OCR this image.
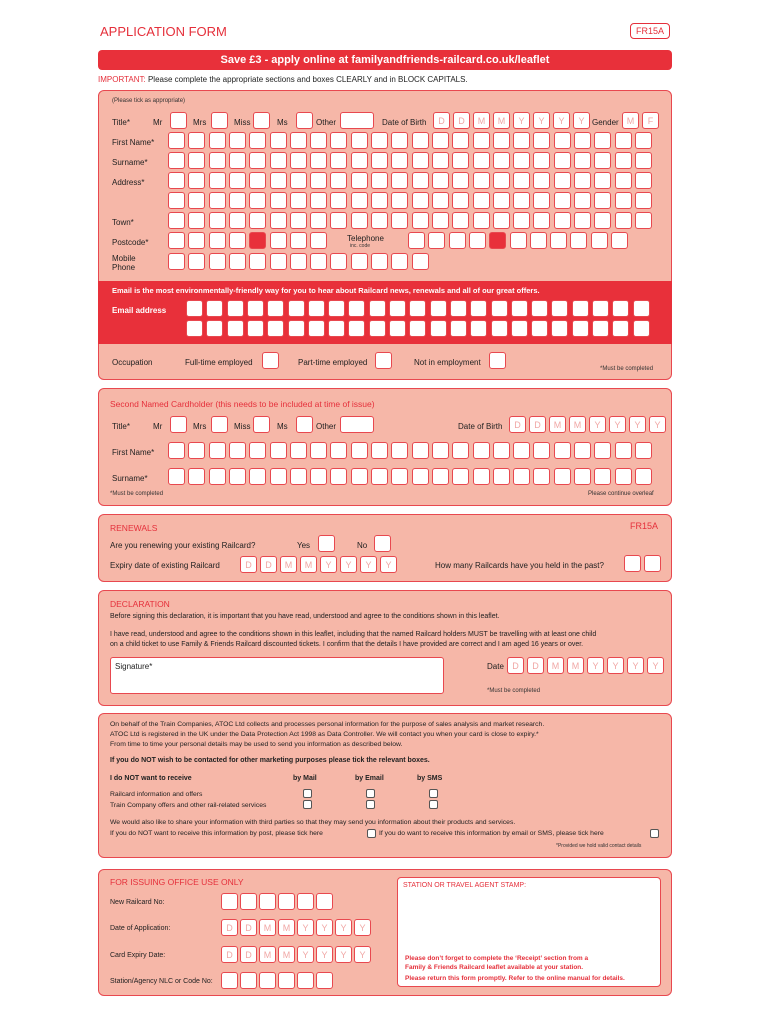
APPLICATION FORM	FR15A
Save £3 - apply online at familyandfriends-railcard.co.uk/leaflet
IMPORTANT: Please complete the appropriate sections and boxes CLEARLY and in BLOCK CAPITALS.
(Please tick as appropriate)
Title*	Mr	Mrs	Miss	Ms	Other	Date of Birth	D	D	M	M	Y	Y	Y	Y Gender M	F
First Name*
Surname*
Address*
Town*
Postcode*	Telephone
inc. code
Mobile Phone
Email is the most environmentally-friendly way for you to hear about Railcard news, renewals and all of our great offers.
Email address
Occupation	Full-time employed	Part-time employed	Not in employment
*Must be completed
Second Named Cardholder (this needs to be included at time of issue)
Title*	Mr	Mrs	Miss	Ms	Other	Date of Birth	D	D	M	M	Y	Y	Y	Y
First Name*
Surname*
*Must be completed	Please continue overleaf
RENEWALS	FR15A
Are you renewing your existing Railcard?	Yes	No
Expiry date of existing Railcard	D	D	M	M	Y	Y	Y	Y	How many Railcards have you held in the past?
DECLARATION
Before signing this declaration, it is important that you have read, understood and agree to the conditions shown in this leaflet.
I have read, understood and agree to the conditions shown in this leaflet, including that the named Railcard holders MUST be travelling with at least one child
on a child ticket to use Family & Friends Railcard discounted tickets. I confirm that the details I have provided are correct and I am aged 16 years or over.
Signature*	Date D	D	M	M	Y	Y	Y	Y
*Must be completed
On behalf of the Train Companies, ATOC Ltd collects and processes personal information for the purpose of sales analysis and market research.
ATOC Ltd is registered in the UK under the Data Protection Act 1998 as Data Controller. We will contact you when your card is close to expiry.*
From time to time your personal details may be used to send you information as described below.
If you do NOT wish to be contacted for other marketing purposes please tick the relevant boxes.
I do NOT want to receive	by Mail	by Email	by SMS
Railcard information and offers
Train Company offers and other rail-related services
We would also like to share your information with third parties so that they may send you information about their products and services.
If you do NOT want to receive this information by post, please tick here	If you do want to receive this information by email or SMS, please tick here
*Provided we hold valid contact details
FOR ISSUING OFFICE USE ONLY
New Railcard No:
Date of Application:	D	D	M	M	Y	Y	Y	Y
Card Expiry Date:	D	D	M	M	Y	Y	Y	Y
Station/Agency NLC or Code No:
STATION OR TRAVEL AGENT STAMP:
Please don’t forget to complete the ‘Receipt’ section from a
Family & Friends Railcard leaflet available at your station.
Please return this form promptly. Refer to the online manual for details.
